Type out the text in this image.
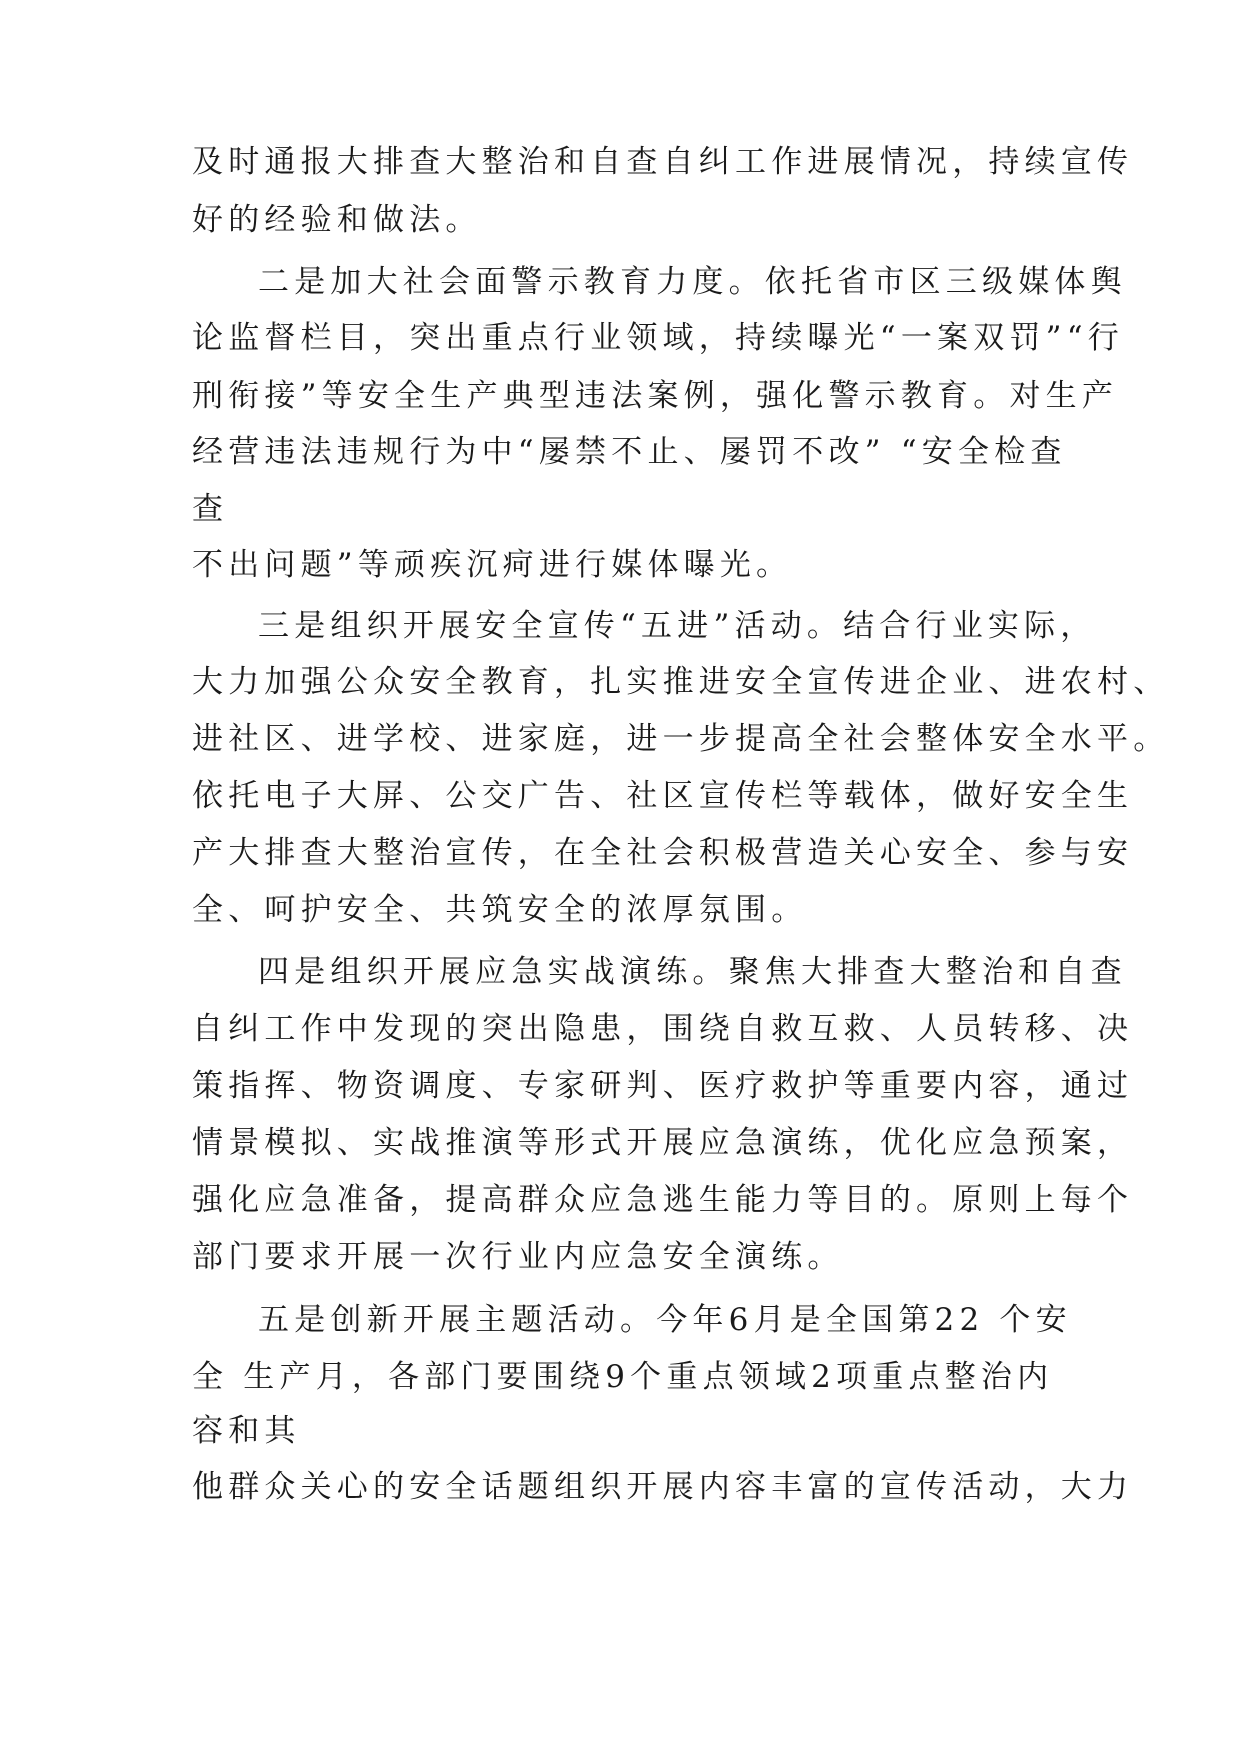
及时通报大排查大整治和自查自纠工作进展情况，持续宣传
好的经验和做法。
二是加大社会面警示教育力度。依托省市区三级媒体舆
论监督栏目，突出重点行业领域，持续曝光“一案双罚”“行
刑衔接”等安全生产典型违法案例，强化警示教育。对生产
经营违法违规行为中“屡禁不止、屡罚不改” “安全检查
查
不出问题”等顽疾沉疴进行媒体曝光。
三是组织开展安全宣传“五进”活动。结合行业实际，
大力加强公众安全教育，扎实推进安全宣传进企业、进农村、
进社区、进学校、进家庭，进一步提高全社会整体安全水平。
依托电子大屏、公交广告、社区宣传栏等载体，做好安全生
产大排查大整治宣传，在全社会积极营造关心安全、参与安
全、呵护安全、共筑安全的浓厚氛围。
四是组织开展应急实战演练。聚焦大排查大整治和自查
自纠工作中发现的突出隐患，围绕自救互救、人员转移、决
策指挥、物资调度、专家研判、医疗救护等重要内容，通过
情景模拟、实战推演等形式开展应急演练，优化应急预案，
强化应急准备，提高群众应急逃生能力等目的。原则上每个
部门要求开展一次行业内应急安全演练。
五是创新开展主题活动。今年6月是全国第22 个安
全 生产月，各部门要围绕9个重点领域2项重点整治内
容和其
他群众关心的安全话题组织开展内容丰富的宣传活动，大力
